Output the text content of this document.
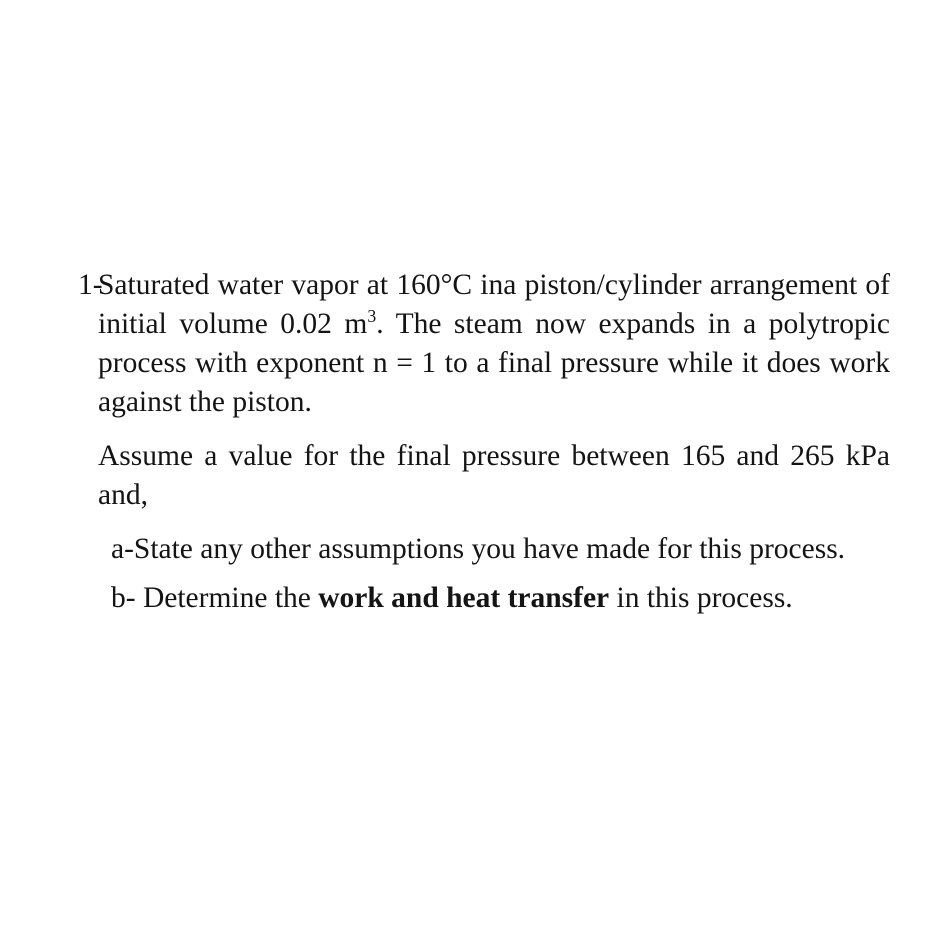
1-
Saturated water vapor at 160°C ina piston/cylinder arrangement of initial volume 0.02 $m^3$. The steam now expands in a polytropic process with exponent n = 1 to a final pressure while it does work against the piston.

Assume a value for the final pressure between 165 and 265 kPa and,

a-State any other assumptions you have made for this process.

b- Determine the work and heat transfer in this process.
